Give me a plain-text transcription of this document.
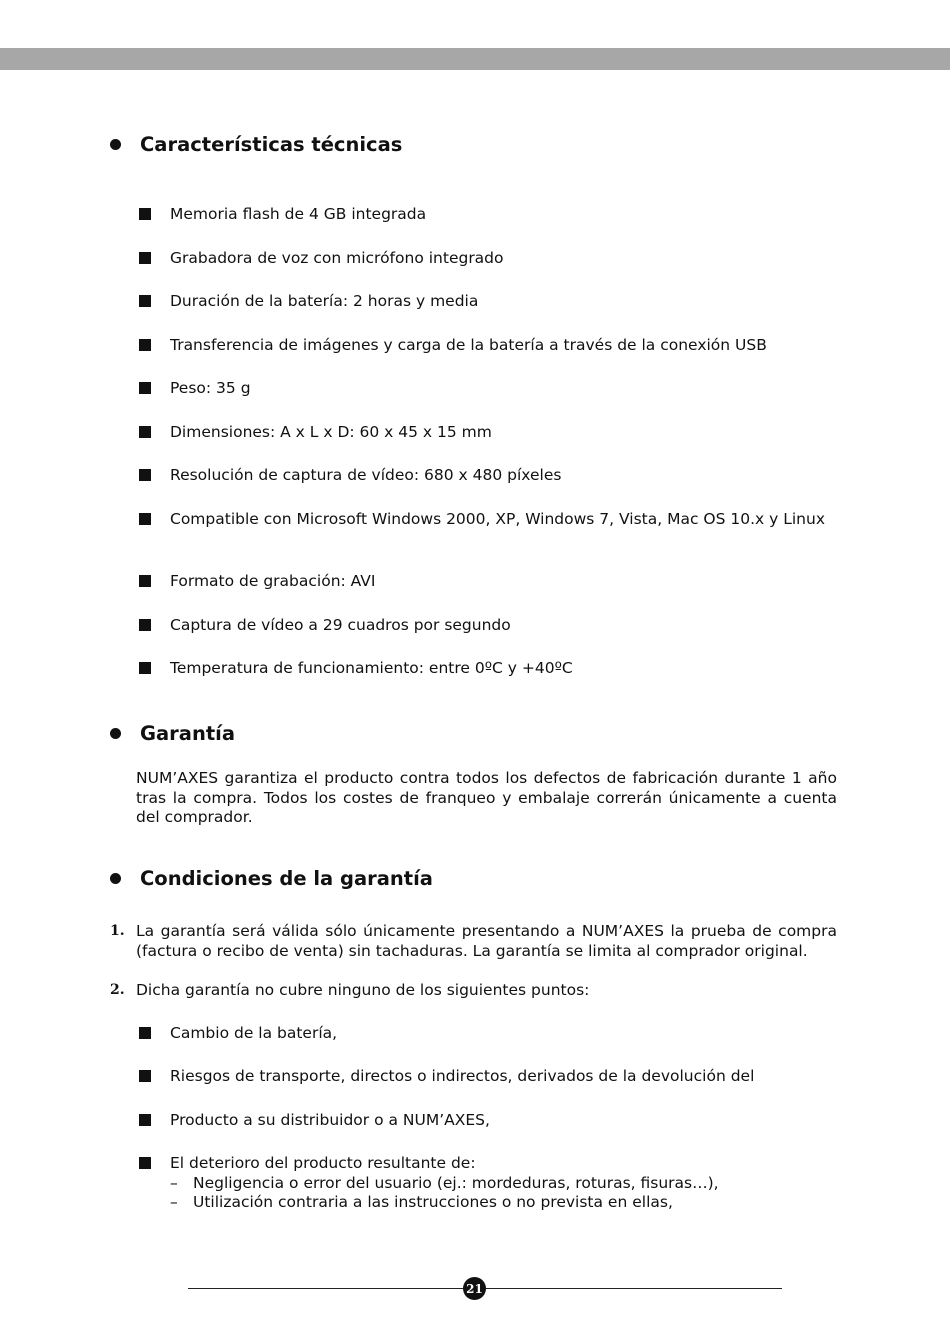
Características técnicas
Memoria flash de 4 GB integrada
Grabadora de voz con micrófono integrado
Duración de la batería: 2 horas y media
Transferencia de imágenes y carga de la batería a través de la conexión USB
Peso: 35 g
Dimensiones: A x L x D: 60 x 45 x 15 mm
Resolución de captura de vídeo: 680 x 480 píxeles
Compatible con Microsoft Windows 2000, XP, Windows 7, Vista, Mac OS 10.x y Linux
Formato de grabación: AVI
Captura de vídeo a 29 cuadros por segundo
Temperatura de funcionamiento: entre 0ºC y +40ºC
Garantía
NUM’AXES garantiza el producto contra todos los defectos de fabricación durante 1 año tras la compra. Todos los costes de franqueo y embalaje correrán únicamente a cuenta del comprador.
Condiciones de la garantía
1. La garantía será válida sólo únicamente presentando a NUM’AXES la prueba de compra (factura o recibo de venta) sin tachaduras. La garantía se limita al comprador original.
2. Dicha garantía no cubre ninguno de los siguientes puntos:
Cambio de la batería,
Riesgos de transporte, directos o indirectos, derivados de la devolución del
Producto a su distribuidor o a NUM’AXES,
El deterioro del producto resultante de:
– Negligencia o error del usuario (ej.: mordeduras, roturas, fisuras…),
– Utilización contraria a las instrucciones o no prevista en ellas,
21
